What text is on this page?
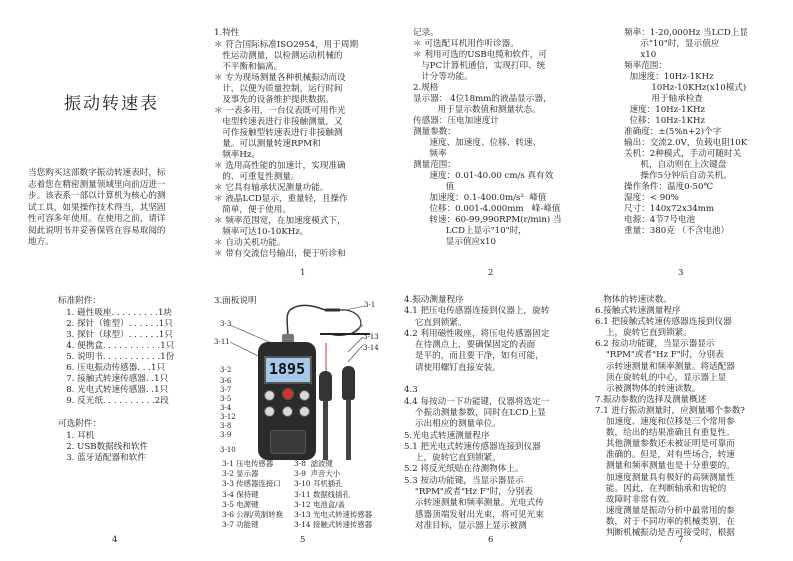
振动转速表
当您购买这部数字振动转速表时，标
志着您在精密测量领域里向前迈进一
步。该表系一部以计算机为核心的测
试工具，如果操作技术得当，其坚固
性可容多年使用。在使用之前，请详
阅此说明书并妥善保管在容易取阅的
地方。
1.特性
＊ 符合国际标准ISO2954，用于周期
性运动测量，以检测运动机械的
不平衡和偏离。
＊ 专为现场测量各种机械振动而设
计，以便为质量控制，运行时间
及事先的设备维护提供数据。
＊ 一表多用，一台仪表既可用作光
电型转速表进行非接触测量，又
可作接触型转速表进行非接触测
量。可以测量转速RPM和
频率Hz。
＊ 选用高性能的加速计，实现准确
的、可重复性测量。
＊ 它具有轴承状况测量功能。
＊ 液晶LCD显示，重量轻，且操作
简单，便于使用。
＊ 频率范围宽，在加速度模式下，
频率可达10-10KHz。
＊ 自动关机功能。
＊ 带有交流信号输出，便于听诊和
记录。
＊ 可选配耳机用作听诊器。
＊ 利用可选的USB电缆和软件，可
与PC计算机通信，实现打印、统
计分等功能。
2.规格
显示器： 4位18mm的液晶显示器，
用于显示数值和测量状态。
传感器：压电加速度计
测量参数：
速度、加速度、位移、转速、
频率
测量范围：
速度：0.01-40.00 cm/s 真有效
值
加速度：0.1-400.0m/s²  峰值
位移：0.001-4.000mm   峰-峰值
转速：60-99,990RPM(r/min) 当
LCD上显示"10"时，
显示值应x10
频率：1-20,000Hz 当LCD上显
示"10"时，显示值应
x10
频率范围：
加速度：10Hz-1KHz
10Hz-10KHz(x10模式)
用于轴承检查
速度：10Hz-1KHz
位移：10Hz-1KHz
准确度：±(5%n+2)个字
输出：交流2.0V，负载电阻10K
关机：2种模式，手动可随时关
机，自动则在上次键盘
操作5分钟后自动关机。
操作条件：温度0-50℃
湿度：< 90%
尺寸：140x72x34mm
电源：4节7号电池
重量：380克 （不含电池）
1	2	3
标准附件：
1. 磁性吸座. . . . . . . . .1块
2. 探针（锥型）. . . . . .1只
3. 探针（球型）. . . . . .1只
4. 便携盒. . . . . . . . . . .1只
5. 说明书. . . . . . . . . . .1份
6. 压电振动传感器. . .1只
7. 接触式转速传感器. .1只
8. 光电式转速传感器. .1只
9. 反光纸. . . . . . . . . .2段
可选附件：
1. 耳机
2. USB数据线和软件
3. 蓝牙适配器和软件
3.面板说明
1895
3-1
3-3
3-11
3-2
3-6
3-7
3-5
3-4
3-12
3-8
3-9
3-10
3-13
3-14
3-1 压电传感器
3-2 显示器
3-3 传感器连接口
3-4 保持键
3-5 电源键
3-6 公制/英制转换
3-7 功能键
3-8  滤波键
3-9  声音大小
3-10 耳机插孔
3-11 数据线插孔
3-12 电池盒/盖
3-13 光电式转速传感器
3-14 接触式转速传感器
4.振动测量程序
4.1 把压电传感器连接到仪器上，旋转
它直到锁紧。
4.2 利用磁性吸座，将压电传感器固定
在待测点上，要确保固定的表面
是平的，而且要干净，如有可能，
请使用螺钉直接安装。

4.3
4.4 每按动一下功能键，仪器将选定一
个振动测量参数，同时在LCD上显
示出相应的测量单位。
5.光电式转速测量程序
5.1 把光电式转速传感器连接到仪器
上，旋转它直到锁紧。
5.2 将反光纸贴在待测物体上。
5.3 按动功能键，当显示器显示
"RPM"或者"Hz F"时，分别表
示转速测量和频率测量。光电式传
感器顶端发射出光束，将可见光束
对准目标，显示器上显示被测
物体的转速读数。
6.接触式转速测量程序
6.1 把接触式转速传感器连接到仪器
上，旋转它直到锁紧。
6.2 按动功能键，当显示器显示
"RPM"或者"Hz F"时，分别表
示转速测量和频率测量。将适配器
顶在旋转轧的中心，显示器上显
示被测物体的转速读数。
7.振动参数的选择及测量概述
7.1 进行振动测量时，应测量哪个参数?
加速度、速度和位移是三个常用参
数，给出的结果准确且有重复性。
其他测量参数还未被证明是可靠而
准确的。但是，对有些场合，转速
测量和频率测量也是十分重要的。
加速度测量具有极好的高频测量性
能。因此，在判断轴承和齿轮的
故障时非常有效。
速度测量是振动分析中最常用的参
数，对于不同功率的机械类别，在
判断机械振动是否可接受时，根据
4	5	6	7
